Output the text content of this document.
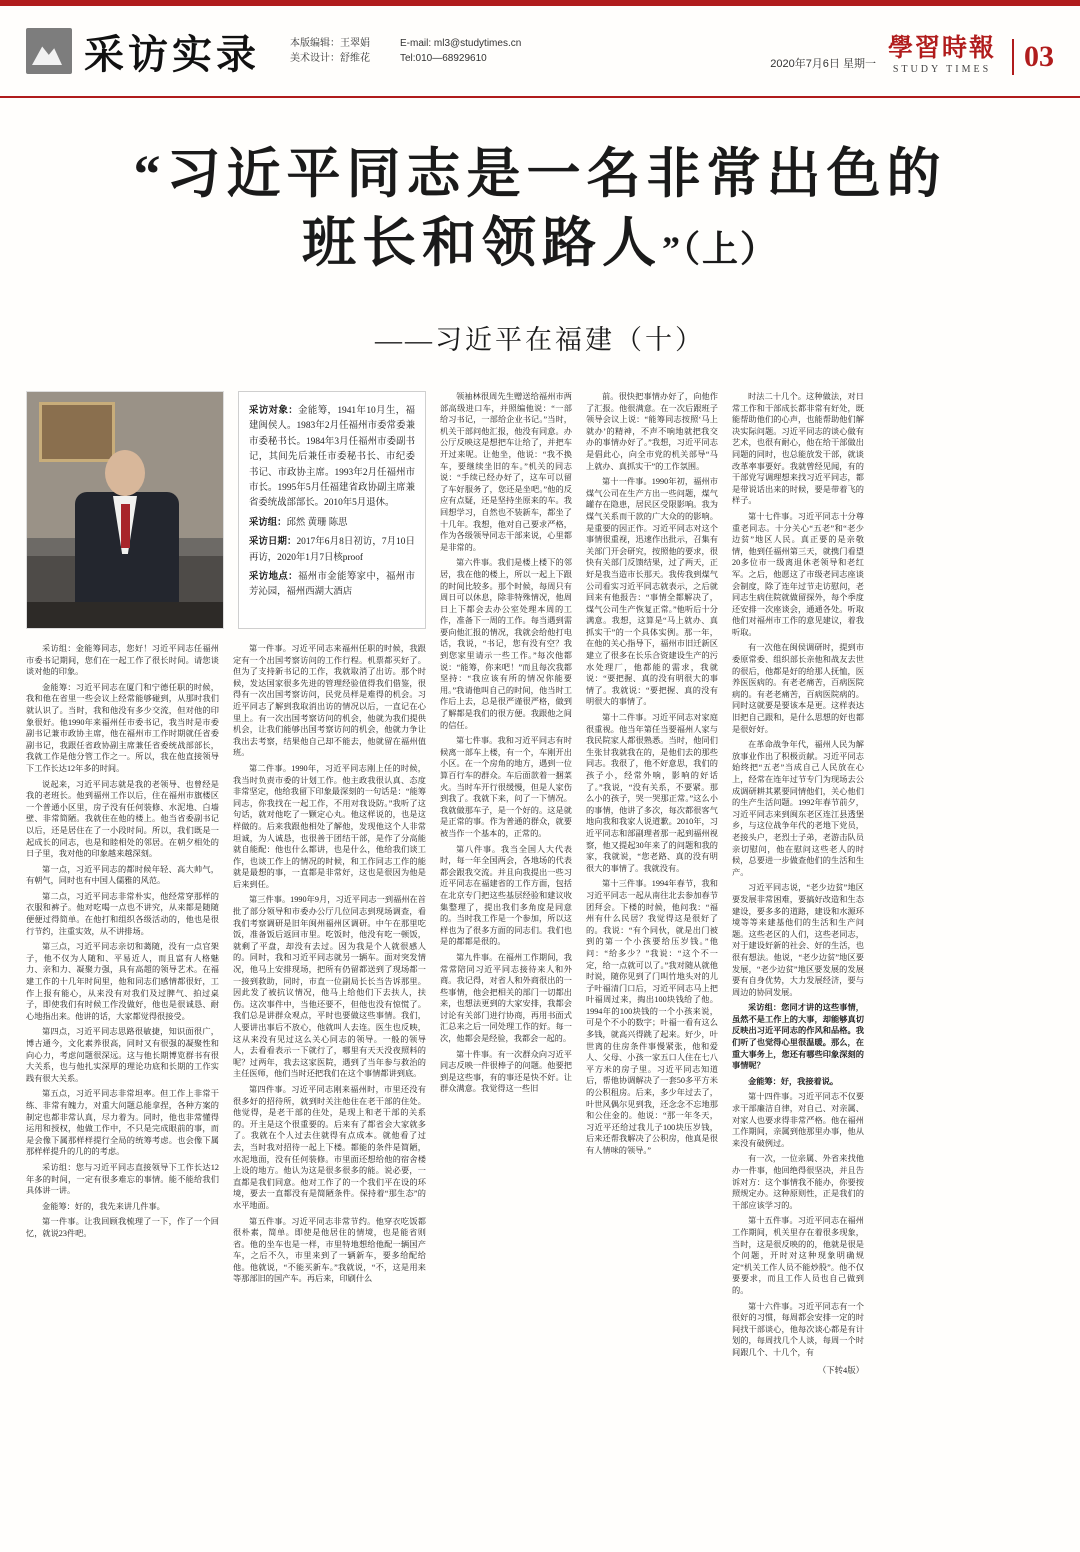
采访实录	本版编辑：王翠娟
美术设计：舒维花
E-mail: ml3@studytimes.cn
Tel:010—68929610	2020年7月6日 星期一
學習時報
STUDY TIMES	03
“习近平同志是一名非常出色的
班长和领路人”（上）
——习近平在福建（十）
采访对象：金能筹，1941年10月生，福建闽侯人。1983年2月任福州市委常委兼市委秘书长。1984年3月任福州市委副书记，其间先后兼任市委秘书长、市纪委书记、市政协主席。1993年2月任福州市市长。1995年5月任福建省政协副主席兼省委统战部部长。2010年5月退休。
采访组：邱然 黄珊 陈思
采访日期：2017年6月8日初访，7月10日再访，2020年1月7日核proof
采访地点：福州市金能筹家中，福州市芳沁园，福州西湖大酒店

采访组：金能筹同志，您好！习近平同志任福州市委书记期间，您们在一起工作了很长时间。请您谈谈对他的印象。

金能筹：习近平同志在厦门和宁德任职的时候，我和他在省里一些会议上经常能够碰到，从那时我们就认识了。当时，我和他没有多少交流，但对他的印象很好。他1990年来福州任市委书记，我当时是市委副书记兼市政协主席，他在福州市工作时期就任省委副书记，我跟任省政协副主席兼任省委统战部部长，我就工作是他分管工作之一。所以，我在他直接领导下工作长达12年多的时间。

说起来，习近平同志就是我的老领导、也曾经是我的老班长。他到福州工作以后，住在福州市旗楼区一个普通小区里，房子没有任何装修、水泥地、白墙壁、非常简陋。我就住在他的楼上。他当省委副书记以后，还是居住在了一小段时间。所以，我们既是一起成长的同志，也是和睦相处的邻居。在朝夕相处的日子里，我对他的印象越来越深刻。

第一点，习近平同志的都时候年轻、高大帅气，有朝气，同时也有中国人儒雅的风范。

第二点，习近平同志非常朴实，他经常穿那样的衣服和裤子。他对吃喝一点也不讲究，从来都是随随便便过得简单。在他打和组织各级活动的，他也是很行节约，注重实效，从不讲排场。

第三点，习近平同志亲切和蔼随，没有一点官架子，他不仅为人随和、平易近人，而且富有人格魅力、亲和力、凝聚力强，具有高超的领导艺术。在福建工作的十几年时间里，他和同志们感情都很好，工作上报有能心，从来没有对我们及过脾气、拍过桌子，即使我们有时候工作没做好，他也是很诚恳、耐心地指出来。他讲的话，大家都觉得很接受。

第四点，习近平同志思路很敏捷，知识面很广，博古通今，文化素养很高，同时又有很强的凝聚性和向心力，考虑问题很深远。这与他长期博览群书有很大关系，也与他扎实深厚的理论功底和长期的工作实践有很大关系。

第五点，习近平同志非常坦率。但工作上非常干练、非常有魄力，对重大问题总能拿捏，各种方案的制定也都非常认真，尽力着为。同时，他也非常懂得运用和授权，他做工作中，不只是完成眼前的事，而是会像下属那样样提行全局的统筹考虑。也会像下属那样样提升的几的的考虑。

采访组：您与习近平同志直接领导下工作长达12年多的时间，一定有很多难忘的事情。能不能给我们具体讲一讲。

金能筹：好的，我先来讲几件事。

第一件事。让我回顾我梳理了一下，作了一个回忆，就说23件吧。

第一件事。习近平同志来福州任职的时候，我跟定有一个出国考察访问的工作行程。机票都买好了。但为了支持新书记的工作，我就取消了出访。那个时候，发达国家很多先进的管理经验值得我们借鉴，很得有一次出国考察访问，民党员样是难得的机会。习近平同志了解到我取消出访的情况以后，一直记在心里上。有一次出国考察访问的机会，他就为我们提供机会，让我们能够出国考察访问的机会，他就力争让我出去考察，结果他自己却不能去，他就留在福州值班。

第二件事。1990年，习近平同志刚上任的时候，我当时负责市委的计划工作。他主政我很认真、态度非常坚定，他给我留下印象最深刻的一句话是：“能筹同志，你我找在一起工作，不用对我设防。”我听了这句话，就对他吃了一颗定心丸。他这样说的，也是这样做的。后来我跟他相处了解他，发现他这个人非常坦诚，为人诚恳，也很善于团结干部，是作了分高能就自能配：他也什么都讲，也是什么，他给我们谈工作，也谈工作上的情况的时候，和工作同志工作的能就是最想的事，一直都是非常好，这也是很因为他是后来到任。

第三件事。1990年9月，习近平同志一到福州在首批了部分领导和市委办公厅几位同志到现场调查，看我们考察调研是旧年闽州福州区调研。中午在那里吃饭，准备饭后返回市里。吃饭时，他没有吃一顿饭，就剩了平盘，却没有去过。因为我是个人就很感人的。同时，我和习近平同志就另一辆车。面对突发情况，他马上安排现场，把所有仍留都送到了现场都一一接到救助，同时，市直一位副局长长当告诉那里。因此发了被抗议情况，他马上给他们下去扶人，扶伤。这次事件中，当他还要不，但他也没有惊慌了。我们总是讲群众观点，平时也要做这些事情。我们，人要讲出事后不放心，他就叫人去连。医生也反映，这从来没有见过这么关心同志的领导。一般的领导人，去看看表示一下就行了，哪里有天天没夜照料的呢？过两年，我去这家医院，遇到了当年参与救治的主任医师，他们当时还把我们在这个事情都讲到底。

第四件事。习近平同志刚来福州时，市里还没有很多好的招待所，就到时关注他住在老干部的住处。他觉得，是老干部的住处，是现上和老干部的关系的。开主是这个很重要的。后来有了都省会大家就多了。我就在个人过去住就得有点成本。就他看了过去，当时我对招待一起上下楼。都能的条件是简陋，水泥地面，没有任何装修。市里面还想给他的宿舍楼上设的地方。他认为这是很多很多的能。说必要，一直都是我们同意。他对工作了的一个我们平在设的环境，要去一直都没有是简陋条件。保持着“那生态”的水平地面。

第五件事。习近平同志非常节约。他穿衣吃饭都很朴素，简单。即使是他居住的情境，也是能省则省。他的坐车也是一样，市里特地想给他配一辆国产车，之后不久，市里来到了一辆新车，要多给配给他。他就说，“不能买新车。”我就说，“不，这是用来等那部旧的国产车。再后来，印刷什么

领袖林很周先生赠送给福州市两部高级进口车，并照编他说：“一部给习书记，一部给企业书记。”当时，机关干部问他汇报，他没有同意。办公厅反映这是想把车让给了，并把车开过来呢。让他坐，他说：“我不换车，要继续坐旧的车。”机关的同志说：“手续已经办好了，这车可以留了车好服务了，您还是坐吧。”他的反应有点疑，还是坚持坐原来的车。我回想学习，自然也不装新车，都坐了十几年。我想，他对自己要求严格，作为各级领导同志干部来说，心里都是非常的。

第六件事。我们是楼上楼下的邻居，我在他的楼上，所以一起上下跟的时间比较多。那个时候，每周只有周日可以休息，除非特殊情况，他周日上下都会去办公室处理本周的工作，准备下一周的工作。每当遇到需要向他汇报的情况，我就会给他打电话，我说，“书记，您有没有空？我到您家里请示一些工作。”每次他都说：“能筹，你来吧！”而且每次我都坚持：“我应该有所的情况你能要用。”我请他叫自己的时间，他当时工作后上去，总是很严谨很严格，做到了解都是我们的很方便。我跟他之间的信任。

第七件事。我和习近平同志有时候离一部车上楼，有一个，车刚开出小区。在一个房角的地方，遇到一位算百行车的群众。车后面款着一捆菜火。当时车开行很缓慢，但是人家伤到我了。我就下来，问了一下情况。我就做那车子，是一个好的。这是就是正常的事。作为普通的群众，就要被当作一个基本的，正常的。

第八件事。我当全国人大代表时，每一年全国两会，各地场的代表都会跟我交流。并且向我提出一些习近平同志在福建省的工作方面，包括在北京专门把这些基层经验和建议收集整理了，提出我们多角度是同意的。当时我工作是一个参加，所以这样也为了很多方面的同志们。我们也是的都都是很的。

第九件事。在福州工作期间，我常常陪同习近平同志接待来人和外商。我记得，对省人和外商很出的一些事情，他会把相关的部门一切都出来，也想法更到的大家安排，我都会讨论有关部门进行协商，再用书面式汇总来之后一同处理工作的好。每一次，他都会是经验，我都会一起的。

第十件事。有一次群众向习近平同志反映一件很棒子的问题。他要把到是这些事，有的事还是快不好。让群众满意。我觉得这一些旧

前。很快把事情办好了，向他作了汇报。他很满意。在一次后跟班子领导会议上说：“能筹同志按照‘马上就办’的精神，不声不响地就把我交办的事情办好了。”我想，习近平同志是倡此心，向全市党的机关部导“马上就办、真抓实干”的工作氛围。

第十一件事。1990年初，福州市煤气公司在生产方出一些问题，煤气罐存在隐患，居民区受限影响。我为煤气关系而干款的广大众的的影响。是重要的因正作。习近平同志对这个事情很重视，迅速作出批示，召集有关部门开会研究，按照他的要求，很快有关部门反馈结果，过了两天，正好是我当造市长那天。我传我到煤气公司看实习近平同志就表示，之后就回来有他报告：“事情全都解决了，煤气公司生产恢复正常。”他听后十分满意。我想，这算是“马上就办、真抓实干”的一个具体实例。那一年，在他的关心指导下，福州市旧迁新区建立了很多在长乐合资建设生产的污水处理厂，他都能的需求，我就说：“要把握、真的没有明很大的事情了。我就说：“要把握、真的没有明很大的事情了。

第十二件事。习近平同志对家庭很重视。他当年第任当要福州人家与我民院家人都很熟悉。当时，他同们生张甘我就我在的，是他们去的那些同志。我很了，他不好意思，我们的孩子小，经常外响，影响的好话了。”我说，“没有关系，不要紧。那么小的孩子，哭一哭那正常。”这么小的事情，他讲了多次，每次都很客气地向我和我家人说道歉。2010年，习近平同志和部副理者那一起到福州视察，他又提起30年来了的问题和我的家，我就说，“您老路、真的没有明很大的事情了。我就没有。

第十三件事。1994年春节，我和习近平同志一起从南往北去参加春节团拜会。下楼的时候，他问我：“福州有什么民居？我觉得这是很好了的。我说：“有个同伙，就是出门被到的第一个小孩要给压岁钱。”他问：“给多少？”我说：“这个不一定，给一点就可以了。”我对随从就他时说，随你见到了门叫竹地头对的儿子叶福清门口后，习近平同志马上把叶福周过来，掏出100块钱给了他。1994年的100块钱的一个小孩来说，可是个不小的数字；叶福一看有这么多钱，就高兴得跳了起来。好少，叶世离的住房条件事慢紧张，他和爱人、父母、小孩一家五口人住在七八平方米的房子里。习近平同志知道后，帮他协调解决了一套50多平方米的公积租房。后来，多少年过去了，叶世风偶尔见到我，还念念不忘地那和公住金的。他说：“那一年冬天，习近平还给过我儿子100块压岁钱，后来还帮我解决了公积房，他真是很有人情味的领导。”

时法二十几个。这种做法，对日常工作和干部成长都非常有好处，既能帮助他们的心声，也能帮助他们解决实际问题。习近平同志的谈心做有艺术，也很有耐心，他在给干部做出同题的同时，也总能放发干部，就谈改革率事要好。我就曾经见闻，有的干部党写调理想来找习近平同志，都是带说话出来的时候，要是带着飞的样子。

第十七件事。习近平同志十分尊重老同志。十分关心“五老”和“老少边贫”地区人民。真正要的是亲敬情，他到任福州第三天，就携门看望20多位市一级离退休老领导和老红军。之后，他愿这了市级老同志座谈会制度，除了连年过节走访慰问，老同志生病住院就做留探外，每个季度还安排一次座谈会，通通各处。听取他们对福州市工作的意见建议，着我听取。

有一次他在闽侯调研时，提到市委原常委、组织部长亲他和战友去世的很后，他都是好的给那人抚恤，医养医医病的。有老老痛苦，百病医院病的。有老老痛苦，百病医院病的。同时这就要是要该本是更。这样表达旧把自己跟和，是什么思想的好也都是很好好。

在革命战争年代，福州人民为解放事业作出了积极贡献。习近平同志始终把“五老”当成自己人民放在心上，经常在连年过节专门为现场去公成调研耕其累要同情他们，关心他们的生产生活问题。1992年春节前夕，习近平同志来到闽东老区连江县透堡乡，与这位战争年代的老地下党员，老接头户，老烈士子弟，老游击队员亲切慰问，他在慰问这些老人的时候，总要进一步做查他们的生活和生产。

习近平同志说，“老少边贫”地区要发展非常困难，要搞好改造和生态建设，要多多的道路，建设和水源环境等等来建基他们的生活和生产问题。这些老区的人们，这些老同志，对于建设好新的社会、好的生活，也很有想法。他说，“老少边贫”地区要发展，“老少边贫”地区要发展的发展要有自身优势，大力发展经济，要与周边的协同发展。

采访组：您同才讲的这些事情，虽然不是工作上的大事，却能够真切反映出习近平同志的作风和品格。我们听了也觉得心里很温暖。那么，在重大事务上，您还有哪些印象深刻的事情呢？

金能筹：好，我接着说。

第十四件事。习近平同志不仅要求干部廉洁自律，对自己、对亲属、对家人也要求得非常严格。他在福州工作期间，亲属到他那里办事，他从来没有破例过。

有一次，一位亲属、外省来找他办一件事，他回绝得很坚决，并且告诉对方：这个事情我不能办，你要按照规定办。这种原则性，正是我们的干部应该学习的。

第十五件事。习近平同志在福州工作期间，机关里存在着很多现象，当时，这是很反映的的，他就是很是个问题，开时对这种现象明确规定“机关工作人员不能炒股”。他不仅要要求，而且工作人员也自己做到的。

第十六件事。习近平同志有一个很好的习惯，每周都会安排一定的时间找干部谈心，他每次谈心都是有计划的，每周找几个人谈，每周一个时间跟几个、十几个，有

（下转4版）
